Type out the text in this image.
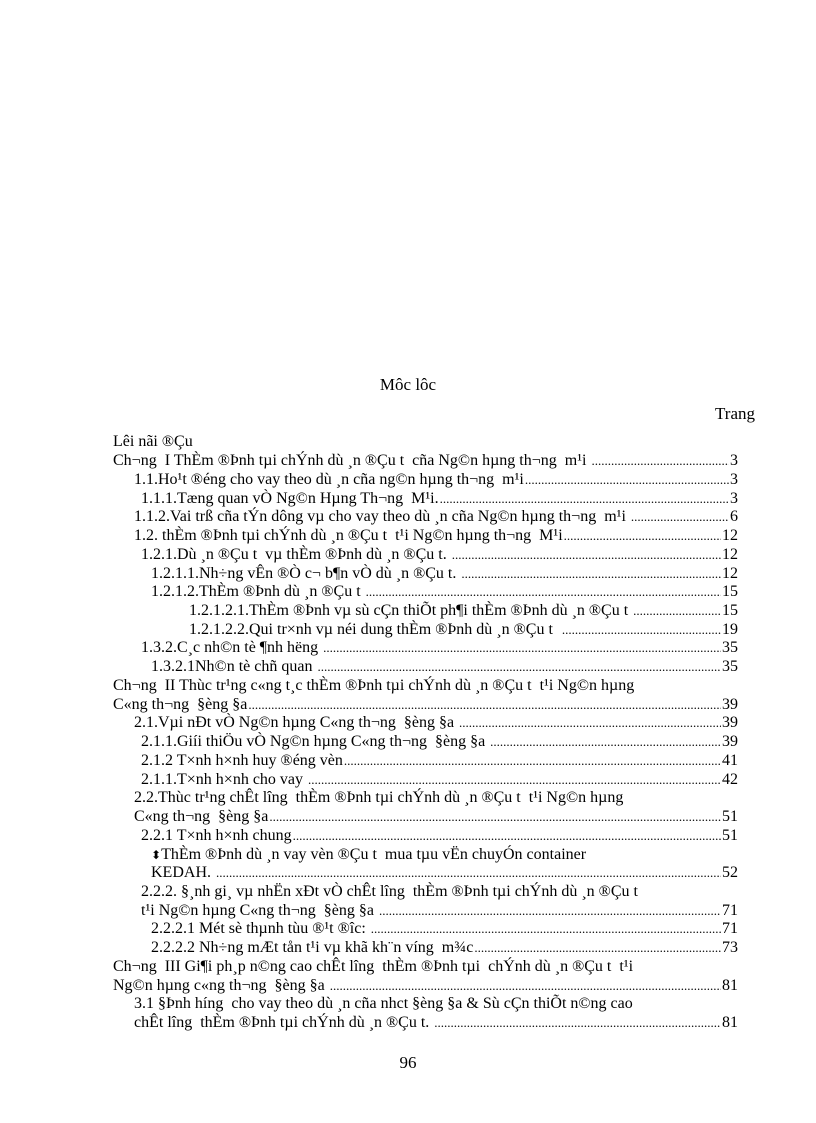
Môc lôc
Trang
Lêi nãi ®Çu
Ch¬ng  I ThÈm ®Þnh tµi chÝnh dù ¸n ®Çu t  cña Ng©n hµng th¬ng  m¹i .....	3
1.1.Ho¹t ®éng cho vay theo dù ¸n cña ng©n hµng th¬ng  m¹i .....	3
1.1.1.Tæng quan vÒ Ng©n Hµng Th¬ng  M¹i. .....	3
1.1.2.Vai trß cña tÝn dông vµ cho vay theo dù ¸n cña Ng©n hµng th¬ng  m¹i .....	6
1.2. thÈm ®Þnh tµi chÝnh dù ¸n ®Çu t  t¹i Ng©n hµng th¬ng  M¹i .....	12
1.2.1.Dù ¸n ®Çu t  vµ thÈm ®Þnh dù ¸n ®Çu t. .....	12
1.2.1.1.Nh÷ng vÊn ®Ò c¬ b¶n vÒ dù ¸n ®Çu t. .....	12
1.2.1.2.ThÈm ®Þnh dù ¸n ®Çu t .....	15
1.2.1.2.1.ThÈm ®Þnh vµ sù cÇn thiÕt ph¶i thÈm ®Þnh dù ¸n ®Çu t .....	15
1.2.1.2.2.Qui tr×nh vµ néi dung thÈm ®Þnh dù ¸n ®Çu t .....	19
1.3.2.C¸c nh©n tè ¶nh hëng .....	35
1.3.2.1Nh©n tè chñ quan .....	35
Ch¬ng  II Thùc tr¹ng c«ng t¸c thÈm ®Þnh tµi chÝnh dù ¸n ®Çu t  t¹i Ng©n hµng
C«ng th¬ng  §èng §a .....	39
2.1.Vµi nÐt vÒ Ng©n hµng C«ng th¬ng  §èng §a .....	39
2.1.1.Giíi thiÖu vÒ Ng©n hµng C«ng th¬ng  §èng §a .....	39
2.1.2 T×nh h×nh huy ®éng vèn .....	41
2.1.1.T×nh h×nh cho vay .....	42
2.2.Thùc tr¹ng chÊt lîng  thÈm ®Þnh tµi chÝnh dù ¸n ®Çu t  t¹i Ng©n hµng
C«ng th¬ng  §èng §a .....	51
2.2.1 T×nh h×nh chung .....	51
⬍ ThÈm ®Þnh dù ¸n vay vèn ®Çu t  mua tµu vËn chuyÓn container
KEDAH. .....	52
2.2.2. §¸nh gi¸ vµ nhËn xÐt vÒ chÊt lîng  thÈm ®Þnh tµi chÝnh dù ¸n ®Çu t
t¹i Ng©n hµng C«ng th¬ng  §èng §a .....	71
2.2.2.1 Mét sè thµnh tùu ®¹t ®îc: .....	71
2.2.2.2 Nh÷ng mÆt tån t¹i vµ khã kh¨n víng  m¾c .....	73
Ch¬ng  III Gi¶i ph¸p n©ng cao chÊt lîng  thÈm ®Þnh tµi  chÝnh dù ¸n ®Çu t  t¹i
Ng©n hµng c«ng th¬ng  §èng §a .....	81
3.1 §Þnh híng  cho vay theo dù ¸n cña nhct §èng §a & Sù cÇn thiÕt n©ng cao
chÊt lîng  thÈm ®Þnh tµi chÝnh dù ¸n ®Çu t. .....	81
96
